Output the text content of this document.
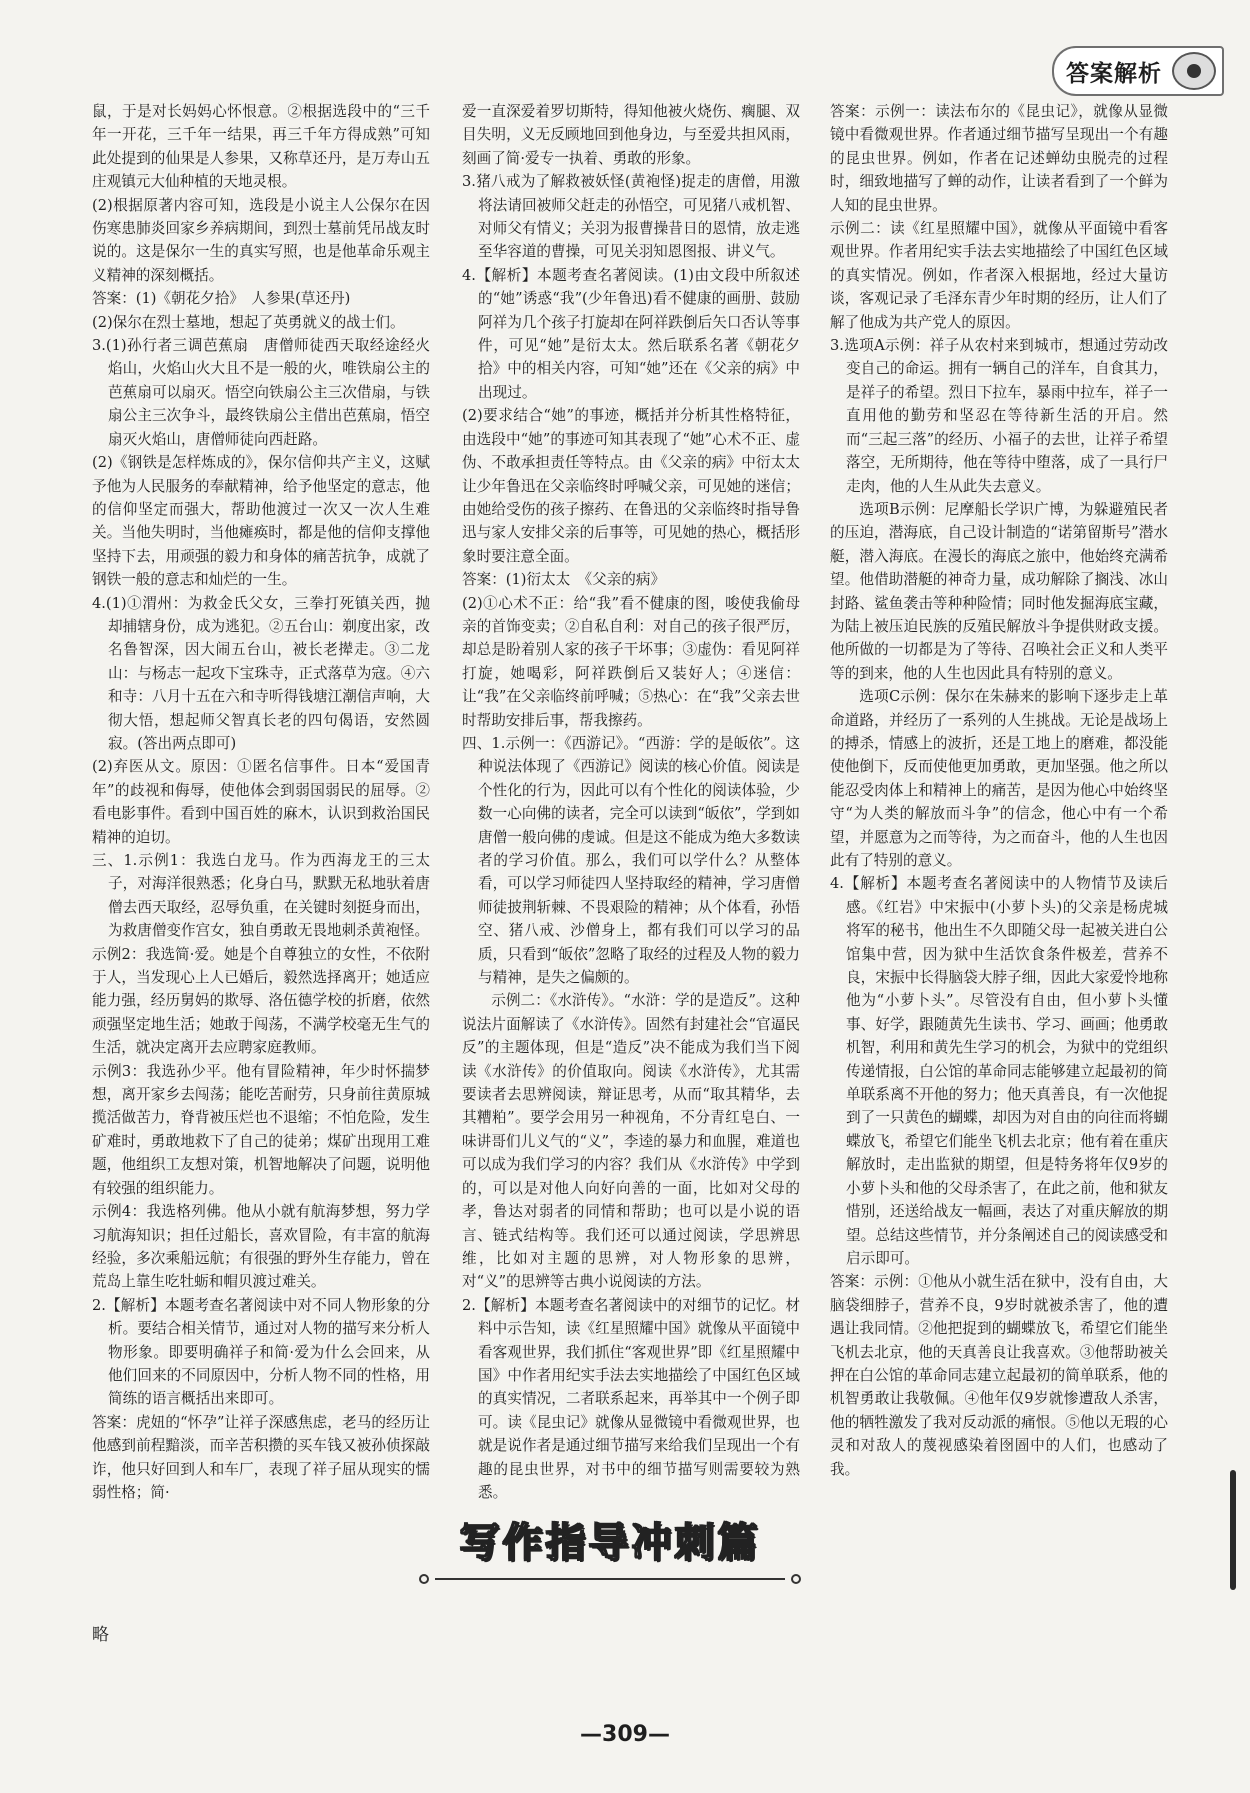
答案解析

鼠，于是对长妈妈心怀恨意。②根据选段中的“三千年一开花，三千年一结果，再三千年方得成熟”可知此处提到的仙果是人参果，又称草还丹，是万寿山五庄观镇元大仙种植的天地灵根。

(2)根据原著内容可知，选段是小说主人公保尔在因伤寒患肺炎回家乡养病期间，到烈士墓前凭吊战友时说的。这是保尔一生的真实写照，也是他革命乐观主义精神的深刻概括。

答案：(1)《朝花夕拾》　人参果(草还丹)

(2)保尔在烈士墓地，想起了英勇就义的战士们。

3.(1)孙行者三调芭蕉扇　唐僧师徒西天取经途经火焰山，火焰山火大且不是一般的火，唯铁扇公主的芭蕉扇可以扇灭。悟空向铁扇公主三次借扇，与铁扇公主三次争斗，最终铁扇公主借出芭蕉扇，悟空扇灭火焰山，唐僧师徒向西赶路。

(2)《钢铁是怎样炼成的》，保尔信仰共产主义，这赋予他为人民服务的奉献精神，给予他坚定的意志，他的信仰坚定而强大，帮助他渡过一次又一次人生难关。当他失明时，当他瘫痪时，都是他的信仰支撑他坚持下去，用顽强的毅力和身体的痛苦抗争，成就了钢铁一般的意志和灿烂的一生。

4.(1)①渭州：为救金氏父女，三拳打死镇关西，抛却捕辖身份，成为逃犯。②五台山：剃度出家，改名鲁智深，因大闹五台山，被长老撵走。③二龙山：与杨志一起攻下宝珠寺，正式落草为寇。④六和寺：八月十五在六和寺听得钱塘江潮信声响，大彻大悟，想起师父智真长老的四句偈语，安然圆寂。(答出两点即可)

(2)弃医从文。原因：①匿名信事件。日本“爱国青年”的歧视和侮辱，使他体会到弱国弱民的屈辱。②看电影事件。看到中国百姓的麻木，认识到救治国民精神的迫切。

三、1.示例1：我选白龙马。作为西海龙王的三太子，对海洋很熟悉；化身白马，默默无私地驮着唐僧去西天取经，忍辱负重，在关键时刻挺身而出，为救唐僧变作宫女，独自勇敢无畏地刺杀黄袍怪。

示例2：我选简·爱。她是个自尊独立的女性，不依附于人，当发现心上人已婚后，毅然选择离开；她适应能力强，经历舅妈的欺辱、洛伍德学校的折磨，依然顽强坚定地生活；她敢于闯荡，不满学校毫无生气的生活，就决定离开去应聘家庭教师。

示例3：我选孙少平。他有冒险精神，年少时怀揣梦想，离开家乡去闯荡；能吃苦耐劳，只身前往黄原城揽活做苦力，脊背被压烂也不退缩；不怕危险，发生矿难时，勇敢地救下了自己的徒弟；煤矿出现用工难题，他组织工友想对策，机智地解决了问题，说明他有较强的组织能力。

示例4：我选格列佛。他从小就有航海梦想，努力学习航海知识；担任过船长，喜欢冒险，有丰富的航海经验，多次乘船远航；有很强的野外生存能力，曾在荒岛上靠生吃牡蛎和帽贝渡过难关。

2.【解析】本题考查名著阅读中对不同人物形象的分析。要结合相关情节，通过对人物的描写来分析人物形象。即要明确祥子和简·爱为什么会回来，从他们回来的不同原因中，分析人物不同的性格，用简练的语言概括出来即可。

答案：虎妞的“怀孕”让祥子深感焦虑，老马的经历让他感到前程黯淡，而辛苦积攒的买车钱又被孙侦探敲诈，他只好回到人和车厂，表现了祥子屈从现实的懦弱性格；简·

爱一直深爱着罗切斯特，得知他被火烧伤、瘸腿、双目失明，义无反顾地回到他身边，与至爱共担风雨，刻画了简·爱专一执着、勇敢的形象。

3.猪八戒为了解救被妖怪(黄袍怪)捉走的唐僧，用激将法请回被师父赶走的孙悟空，可见猪八戒机智、对师父有情义；关羽为报曹操昔日的恩情，放走逃至华容道的曹操，可见关羽知恩图报、讲义气。

4.【解析】本题考查名著阅读。(1)由文段中所叙述的“她”诱惑“我”(少年鲁迅)看不健康的画册、鼓励阿祥为几个孩子打旋却在阿祥跌倒后矢口否认等事件，可见“她”是衍太太。然后联系名著《朝花夕拾》中的相关内容，可知“她”还在《父亲的病》中出现过。

(2)要求结合“她”的事迹，概括并分析其性格特征，由选段中“她”的事迹可知其表现了“她”心术不正、虚伪、不敢承担责任等特点。由《父亲的病》中衍太太让少年鲁迅在父亲临终时呼喊父亲，可见她的迷信；由她给受伤的孩子擦药、在鲁迅的父亲临终时指导鲁迅与家人安排父亲的后事等，可见她的热心，概括形象时要注意全面。

答案：(1)衍太太　《父亲的病》

(2)①心术不正：给“我”看不健康的图，唆使我偷母亲的首饰变卖；②自私自利：对自己的孩子很严厉，却总是盼着别人家的孩子干坏事；③虚伪：看见阿祥打旋，她喝彩，阿祥跌倒后又装好人；④迷信：让“我”在父亲临终前呼喊；⑤热心：在“我”父亲去世时帮助安排后事，帮我擦药。

四、1.示例一：《西游记》。“西游：学的是皈依”。这种说法体现了《西游记》阅读的核心价值。阅读是个性化的行为，因此可以有个性化的阅读体验，少数一心向佛的读者，完全可以读到“皈依”，学到如唐僧一般向佛的虔诚。但是这不能成为绝大多数读者的学习价值。那么，我们可以学什么？从整体看，可以学习师徒四人坚持取经的精神，学习唐僧师徒披荆斩棘、不畏艰险的精神；从个体看，孙悟空、猪八戒、沙僧身上，都有我们可以学习的品质，只看到“皈依”忽略了取经的过程及人物的毅力与精神，是失之偏颇的。

示例二：《水浒传》。“水浒：学的是造反”。这种说法片面解读了《水浒传》。固然有封建社会“官逼民反”的主题体现，但是“造反”决不能成为我们当下阅读《水浒传》的价值取向。阅读《水浒传》，尤其需要读者去思辨阅读，辩证思考，从而“取其精华，去其糟粕”。要学会用另一种视角，不分青红皂白、一味讲哥们儿义气的“义”，李逵的暴力和血腥，难道也可以成为我们学习的内容？我们从《水浒传》中学到的，可以是对他人向好向善的一面，比如对父母的孝，鲁达对弱者的同情和帮助；也可以是小说的语言、链式结构等。我们还可以通过阅读，学思辨思维，比如对主题的思辨，对人物形象的思辨，对“义”的思辨等古典小说阅读的方法。

2.【解析】本题考查名著阅读中的对细节的记忆。材料中示告知，读《红星照耀中国》就像从平面镜中看客观世界，我们抓住“客观世界”即《红星照耀中国》中作者用纪实手法去实地描绘了中国红色区域的真实情况，二者联系起来，再举其中一个例子即可。读《昆虫记》就像从显微镜中看微观世界，也就是说作者是通过细节描写来给我们呈现出一个有趣的昆虫世界，对书中的细节描写则需要较为熟悉。

答案：示例一：读法布尔的《昆虫记》，就像从显微镜中看微观世界。作者通过细节描写呈现出一个有趣的昆虫世界。例如，作者在记述蝉幼虫脱壳的过程时，细致地描写了蝉的动作，让读者看到了一个鲜为人知的昆虫世界。

示例二：读《红星照耀中国》，就像从平面镜中看客观世界。作者用纪实手法去实地描绘了中国红色区域的真实情况。例如，作者深入根据地，经过大量访谈，客观记录了毛泽东青少年时期的经历，让人们了解了他成为共产党人的原因。

3.选项A示例：祥子从农村来到城市，想通过劳动改变自己的命运。拥有一辆自己的洋车，自食其力，是祥子的希望。烈日下拉车，暴雨中拉车，祥子一直用他的勤劳和坚忍在等待新生活的开启。然而“三起三落”的经历、小福子的去世，让祥子希望落空，无所期待，他在等待中堕落，成了一具行尸走肉，他的人生从此失去意义。

选项B示例：尼摩船长学识广博，为躲避殖民者的压迫，潜海底，自己设计制造的“诺第留斯号”潜水艇，潜入海底。在漫长的海底之旅中，他始终充满希望。他借助潜艇的神奇力量，成功解除了搁浅、冰山封路、鲨鱼袭击等种种险情；同时他发掘海底宝藏，为陆上被压迫民族的反殖民解放斗争提供财政支援。他所做的一切都是为了等待、召唤社会正义和人类平等的到来，他的人生也因此具有特别的意义。

选项C示例：保尔在朱赫来的影响下逐步走上革命道路，并经历了一系列的人生挑战。无论是战场上的搏杀，情感上的波折，还是工地上的磨难，都没能使他倒下，反而使他更加勇敢，更加坚强。他之所以能忍受肉体上和精神上的痛苦，是因为他心中始终坚守“为人类的解放而斗争”的信念，他心中有一个希望，并愿意为之而等待，为之而奋斗，他的人生也因此有了特别的意义。

4.【解析】本题考查名著阅读中的人物情节及读后感。《红岩》中宋振中(小萝卜头)的父亲是杨虎城将军的秘书，他出生不久即随父母一起被关进白公馆集中营，因为狱中生活饮食条件极差，营养不良，宋振中长得脑袋大脖子细，因此大家爱怜地称他为“小萝卜头”。尽管没有自由，但小萝卜头懂事、好学，跟随黄先生读书、学习、画画；他勇敢机智，利用和黄先生学习的机会，为狱中的党组织传递情报，白公馆的革命同志能够建立起最初的简单联系离不开他的努力；他天真善良，有一次他捉到了一只黄色的蝴蝶，却因为对自由的向往而将蝴蝶放飞，希望它们能坐飞机去北京；他有着在重庆解放时，走出监狱的期望，但是特务将年仅9岁的小萝卜头和他的父母杀害了，在此之前，他和狱友惜别，还送给战友一幅画，表达了对重庆解放的期望。总结这些情节，并分条阐述自己的阅读感受和启示即可。

答案：示例：①他从小就生活在狱中，没有自由，大脑袋细脖子，营养不良，9岁时就被杀害了，他的遭遇让我同情。②他把捉到的蝴蝶放飞，希望它们能坐飞机去北京，他的天真善良让我喜欢。③他帮助被关押在白公馆的革命同志建立起最初的简单联系，他的机智勇敢让我敬佩。④他年仅9岁就惨遭敌人杀害，他的牺牲激发了我对反动派的痛恨。⑤他以无瑕的心灵和对敌人的蔑视感染着囹圄中的人们，也感动了我。

写作指导冲刺篇
略
—309—
